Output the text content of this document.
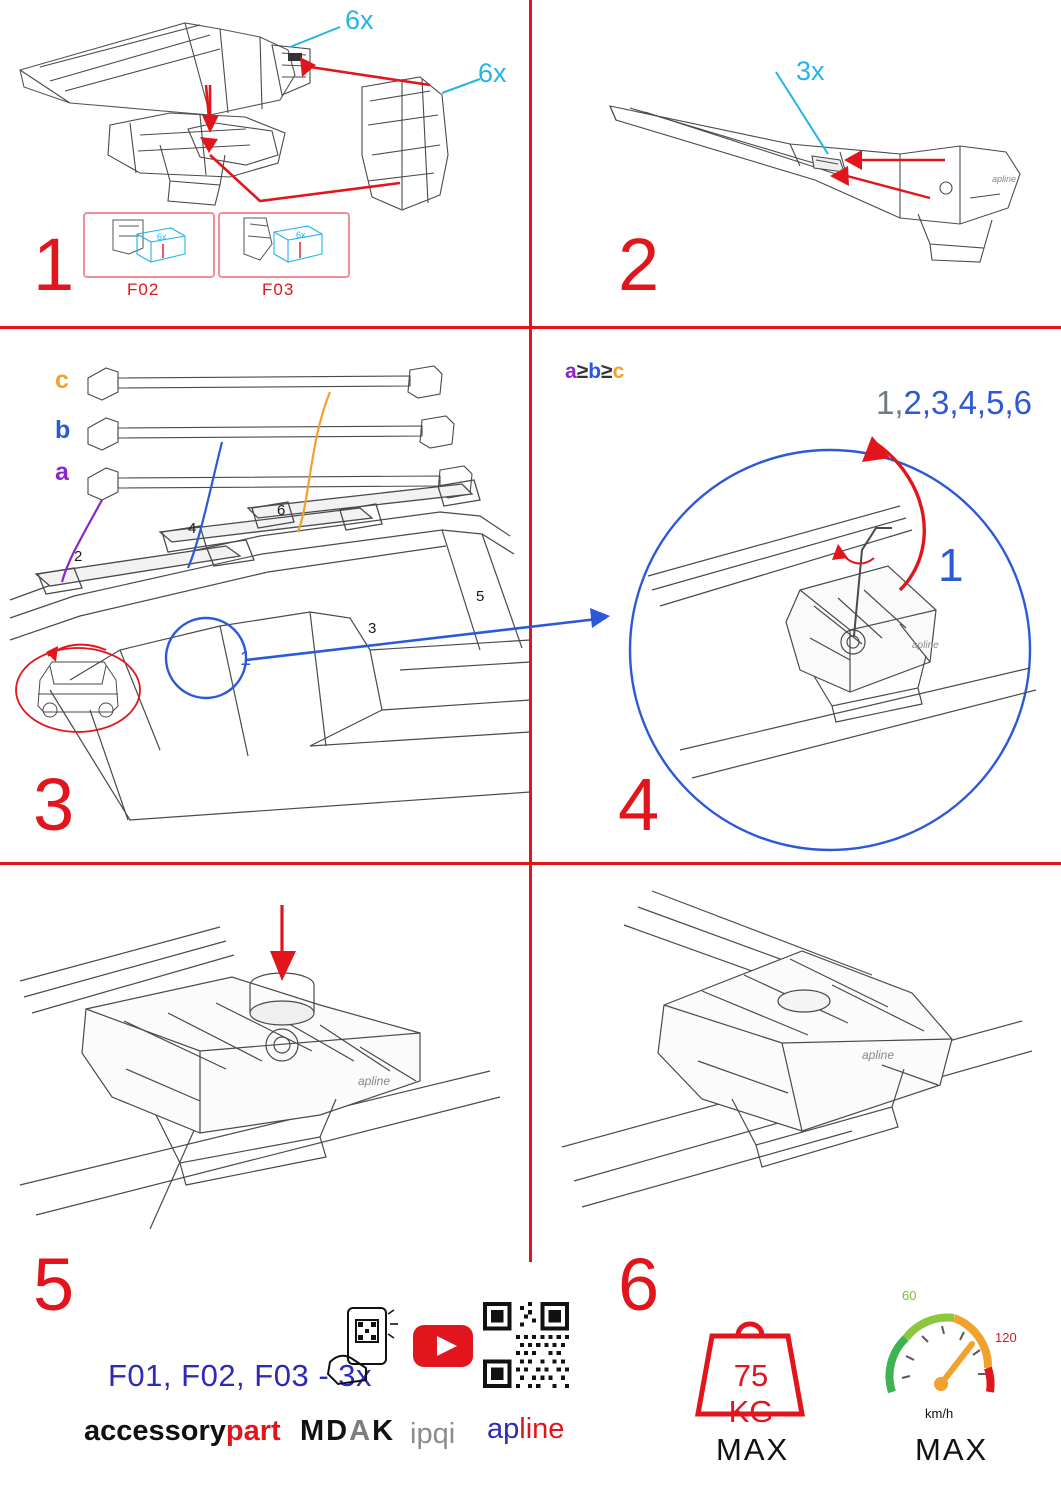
6x
6x
6x
F02
6x
F03
1
apline
3x
2
c
b
a
a≥b≥c
2
4
6
3
5
1
3
apline
1,2,3,4,5,6
1
4
apline
apline
5	6
F01, F02, F03 - 3x
accessorypart MDAK ipqi apline
75 KG
MAX
60
120
km/h
MAX
